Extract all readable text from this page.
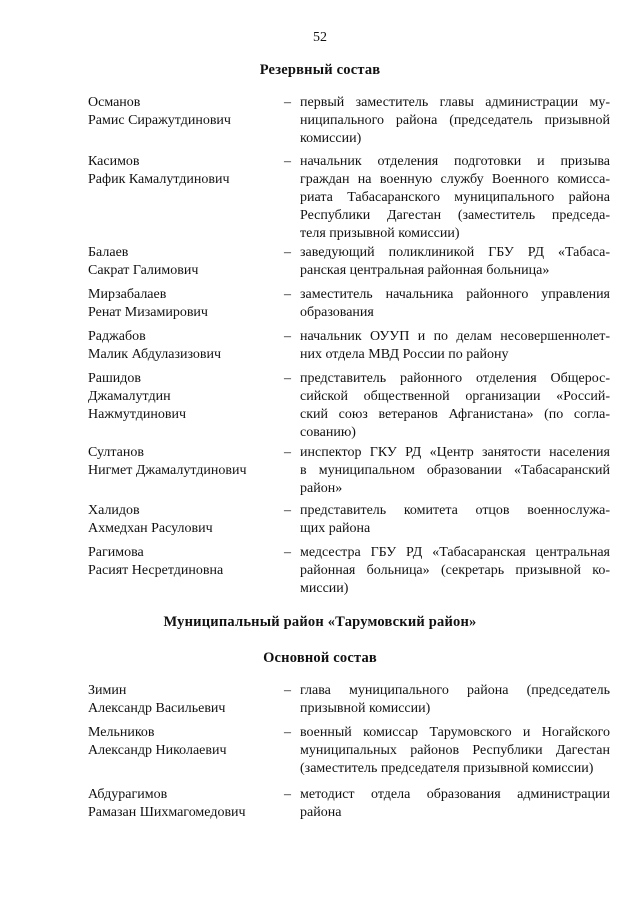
52
Резервный состав
Османов
Рамис Сиражутдинович
– первый заместитель главы администрации му-
ниципального района (председатель призывной
комиссии)
Касимов
Рафик Камалутдинович
– начальник отделения подготовки и призыва
граждан на военную службу Военного комисса-
риата Табасаранского муниципального района
Республики Дагестан (заместитель председа-
теля призывной комиссии)
Балаев
Сакрат Галимович
– заведующий поликлиникой ГБУ РД «Табаса-
ранская центральная районная больница»
Мирзабалаев
Ренат Мизамирович
– заместитель начальника районного управления
образования
Раджабов
Малик Абдулазизович
– начальник ОУУП и по делам несовершеннолет-
них отдела МВД России по району
Рашидов
Джамалутдин
Нажмутдинович
– представитель районного отделения Общерос-
сийской общественной организации «Россий-
ский союз ветеранов Афганистана» (по согла-
сованию)
Султанов
Нигмет Джамалутдинович
– инспектор ГКУ РД «Центр занятости населения
в муниципальном образовании «Табасаранский
район»
Халидов
Ахмедхан Расулович
– представитель комитета отцов военнослужа-
щих района
Рагимова
Расият Несретдиновна
– медсестра ГБУ РД «Табасаранская центральная
районная больница» (секретарь призывной ко-
миссии)
Муниципальный район «Тарумовский район»
Основной состав
Зимин
Александр Васильевич
– глава муниципального района (председатель
призывной комиссии)
Мельников
Александр Николаевич
– военный комиссар Тарумовского и Ногайского
муниципальных районов Республики Дагестан
(заместитель председателя призывной комиссии)
Абдурагимов
Рамазан Шихмагомедович
– методист отдела образования администрации
района
